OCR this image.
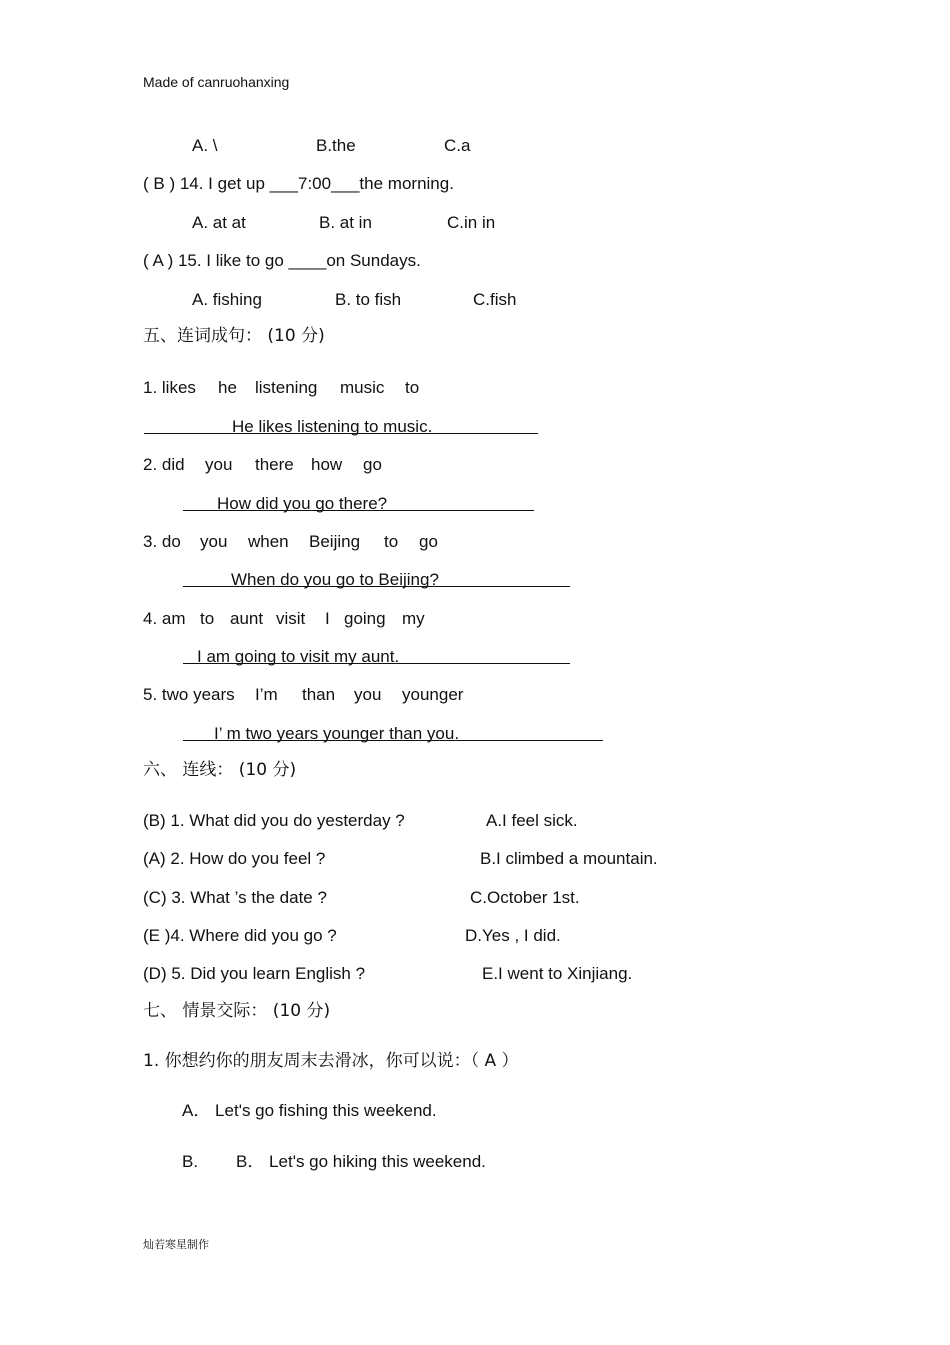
Made of canruohanxing
A. \	B.the	C.a
( B ) 14. I get up ___7:00___the morning.
A. at at	B. at in	C.in in
( A ) 15. I like to go ____on Sundays.
A. fishing	B. to fish	C.fish
五、连词成句： (10 分)
1. likes he listening music to
He likes listening to music.
2. did you there how go
How did you go there?
3. do you when Beijing to go
When do you go to Beijing?
4. am to aunt visit I going my
I am going to visit my aunt.
5. two years I’m than you younger
I’ m two years younger than you.
六、 连线： (10 分)
(B) 1. What did you do yesterday ?	A.I feel sick.
(A) 2. How do you feel ?	B.I climbed a mountain.
(C) 3. What ’s the date ?	C.October 1st.
(E )4. Where did you go ?	D.Yes , I did.
(D) 5. Did you learn English ?	E.I went to Xinjiang.
七、 情景交际： (10 分)
1. 你想约你的朋友周末去滑冰，你可以说：（ A ）
A． Let's go fishing this weekend.
B. B． Let's go hiking this weekend.
灿若寒星制作
